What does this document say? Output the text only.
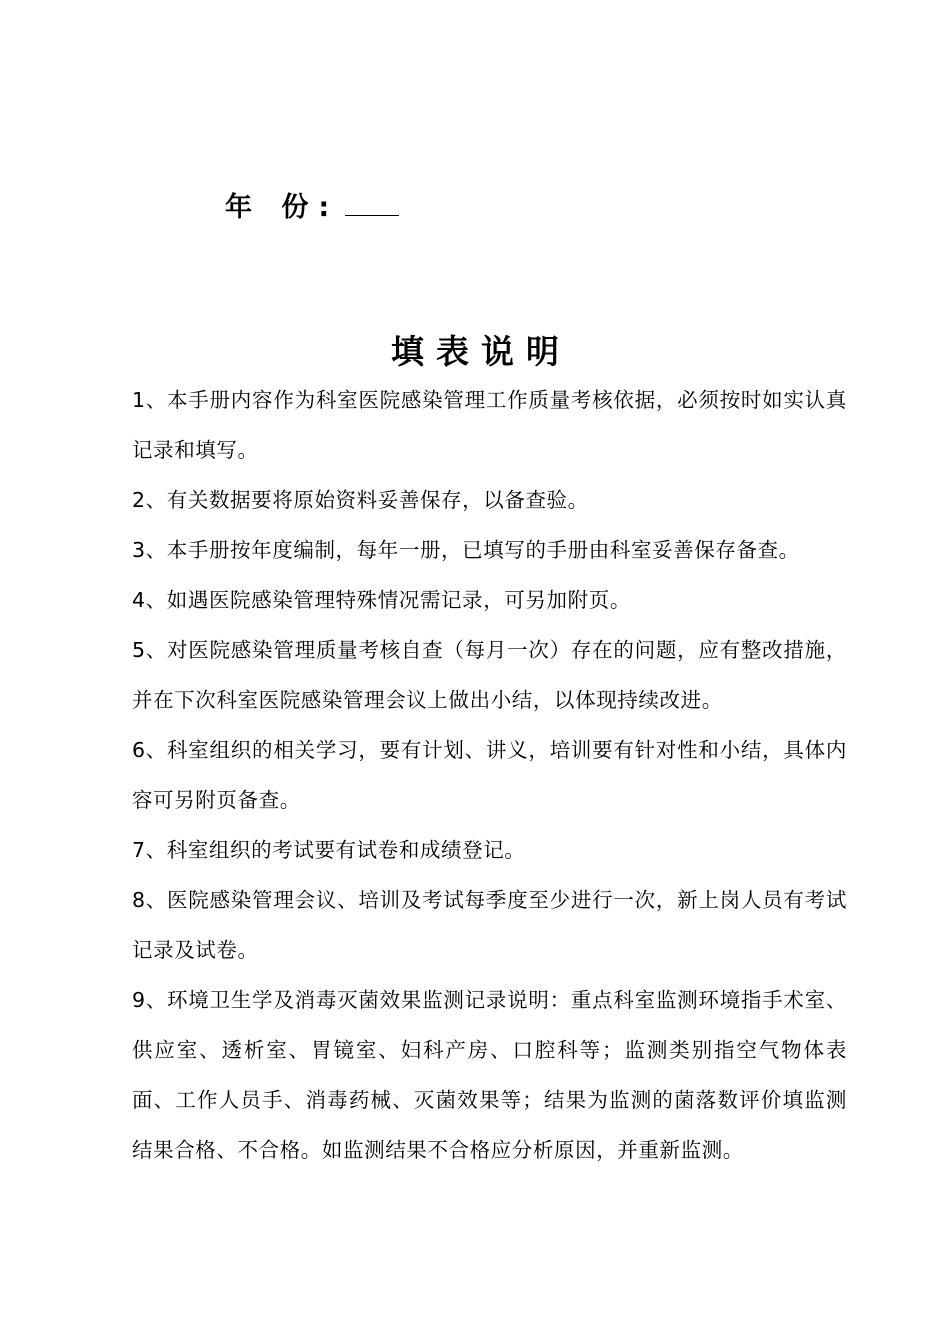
年 份:
填表说明
1、本手册内容作为科室医院感染管理工作质量考核依据，必须按时如实认真记录和填写。
2、有关数据要将原始资料妥善保存，以备查验。
3、本手册按年度编制，每年一册，已填写的手册由科室妥善保存备查。
4、如遇医院感染管理特殊情况需记录，可另加附页。
5、对医院感染管理质量考核自查（每月一次）存在的问题，应有整改措施，并在下次科室医院感染管理会议上做出小结，以体现持续改进。
6、科室组织的相关学习，要有计划、讲义，培训要有针对性和小结，具体内容可另附页备查。
7、科室组织的考试要有试卷和成绩登记。
8、医院感染管理会议、培训及考试每季度至少进行一次，新上岗人员有考试记录及试卷。
9、环境卫生学及消毒灭菌效果监测记录说明：重点科室监测环境指手术室、供应室、透析室、胃镜室、妇科产房、口腔科等；监测类别指空气物体表面、工作人员手、消毒药械、灭菌效果等；结果为监测的菌落数评价填监测结果合格、不合格。如监测结果不合格应分析原因，并重新监测。
